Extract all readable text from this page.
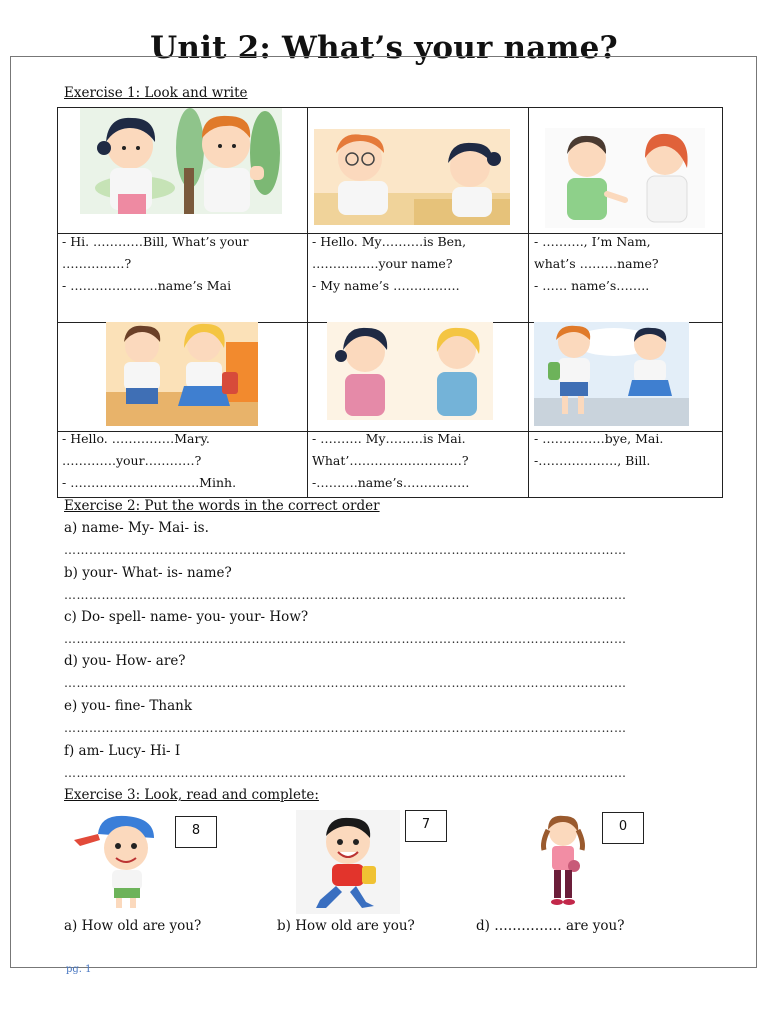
Unit 2: What’s your name?
Exercise 1: Look and write
- Hi. …………Bill, What’s your
……………?
- …………………name’s Mai
- Hello. My……….is Ben,
…………….your name?
- My name’s …………….
- ………., I’m Nam,
what’s ………name?
- …… name’s……..
- Hello. ……………Mary.
………….your…………?
- ………………………….Minh.
- ………. My………is Mai.
What’………………………?
-……….name’s…………….
- ……………bye, Mai.
-………………., Bill.
Exercise 2: Put the words in the correct order
a) name- My- Mai- is.
………………………………………………………………………………………………………………………
b) your- What- is- name?
………………………………………………………………………………………………………………………
c) Do- spell- name- you- your- How?
………………………………………………………………………………………………………………………
d) you- How- are?
………………………………………………………………………………………………………………………
e) you- fine- Thank
………………………………………………………………………………………………………………………
f) am- Lucy- Hi- I
………………………………………………………………………………………………………………………
Exercise 3: Look, read and complete:
8	7	0
a) How old are you?	b) How old are you?	d) …………… are you?
pg. 1
